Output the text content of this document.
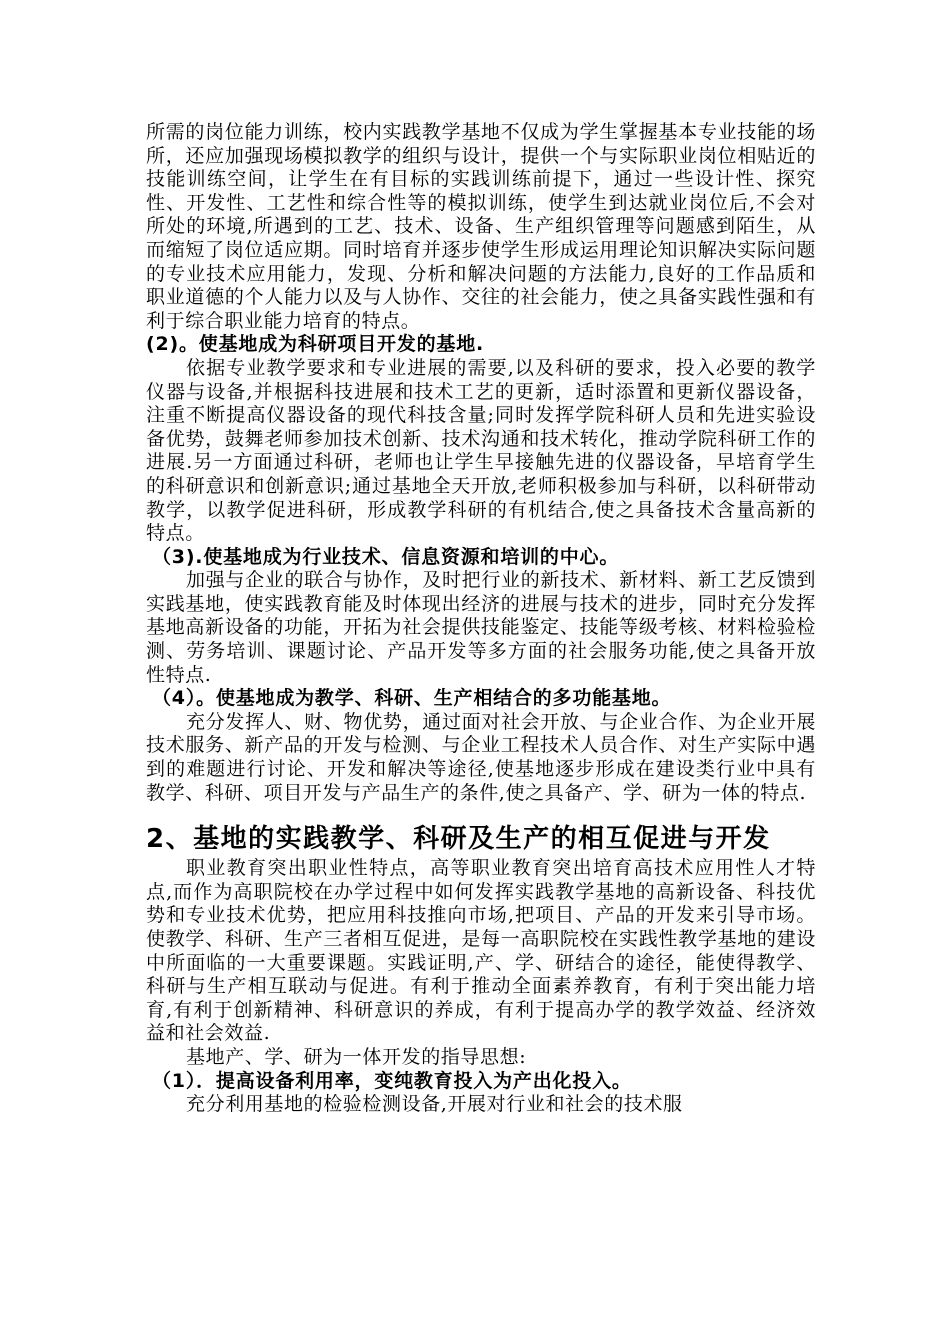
所需的岗位能力训练，校内实践教学基地不仅成为学生掌握基本专业技能的场所，还应加强现场模拟教学的组织与设计，提供一个与实际职业岗位相贴近的技能训练空间，让学生在有目标的实践训练前提下，通过一些设计性、探究性、开发性、工艺性和综合性等的模拟训练，使学生到达就业岗位后,不会对所处的环境,所遇到的工艺、技术、设备、生产组织管理等问题感到陌生，从而缩短了岗位适应期。同时培育并逐步使学生形成运用理论知识解决实际问题的专业技术应用能力，发现、分析和解决问题的方法能力,良好的工作品质和职业道德的个人能力以及与人协作、交往的社会能力，使之具备实践性强和有利于综合职业能力培育的特点。

(2)。使基地成为科研项目开发的基地.

依据专业教学要求和专业进展的需要,以及科研的要求，投入必要的教学仪器与设备,并根据科技进展和技术工艺的更新，适时添置和更新仪器设备，注重不断提高仪器设备的现代科技含量;同时发挥学院科研人员和先进实验设备优势，鼓舞老师参加技术创新、技术沟通和技术转化，推动学院科研工作的进展.另一方面通过科研，老师也让学生早接触先进的仪器设备，早培育学生的科研意识和创新意识;通过基地全天开放,老师积极参加与科研，以科研带动教学，以教学促进科研，形成教学科研的有机结合,使之具备技术含量高新的特点。

（3).使基地成为行业技术、信息资源和培训的中心。

加强与企业的联合与协作，及时把行业的新技术、新材料、新工艺反馈到实践基地，使实践教育能及时体现出经济的进展与技术的进步，同时充分发挥基地高新设备的功能，开拓为社会提供技能鉴定、技能等级考核、材料检验检测、劳务培训、课题讨论、产品开发等多方面的社会服务功能,使之具备开放性特点.

（4）。使基地成为教学、科研、生产相结合的多功能基地。

充分发挥人、财、物优势，通过面对社会开放、与企业合作、为企业开展技术服务、新产品的开发与检测、与企业工程技术人员合作、对生产实际中遇到的难题进行讨论、开发和解决等途径,使基地逐步形成在建设类行业中具有教学、科研、项目开发与产品生产的条件,使之具备产、学、研为一体的特点.

2、基地的实践教学、科研及生产的相互促进与开发

职业教育突出职业性特点，高等职业教育突出培育高技术应用性人才特点,而作为高职院校在办学过程中如何发挥实践教学基地的高新设备、科技优势和专业技术优势，把应用科技推向市场,把项目、产品的开发来引导市场。使教学、科研、生产三者相互促进，是每一高职院校在实践性教学基地的建设中所面临的一大重要课题。实践证明,产、学、研结合的途径，能使得教学、科研与生产相互联动与促进。有利于推动全面素养教育，有利于突出能力培育,有利于创新精神、科研意识的养成，有利于提高办学的教学效益、经济效益和社会效益.

基地产、学、研为一体开发的指导思想:

（1）．提高设备利用率，变纯教育投入为产出化投入。

充分利用基地的检验检测设备,开展对行业和社会的技术服
